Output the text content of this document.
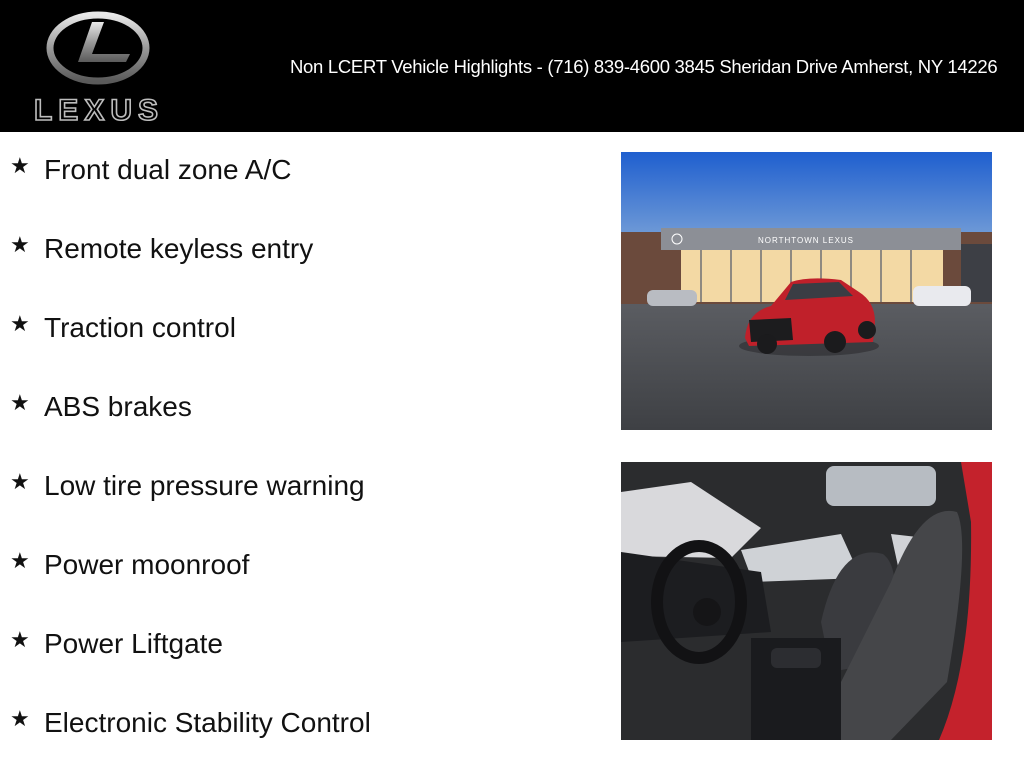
LEXUS
Non LCERT Vehicle Highlights - (716) 839-4600 3845 Sheridan Drive Amherst, NY 14226
★ Front dual zone A/C
★ Remote keyless entry
★ Traction control
★ ABS brakes
★ Low tire pressure warning
★ Power moonroof
★ Power Liftgate
★ Electronic Stability Control
NORTHTOWN LEXUS
